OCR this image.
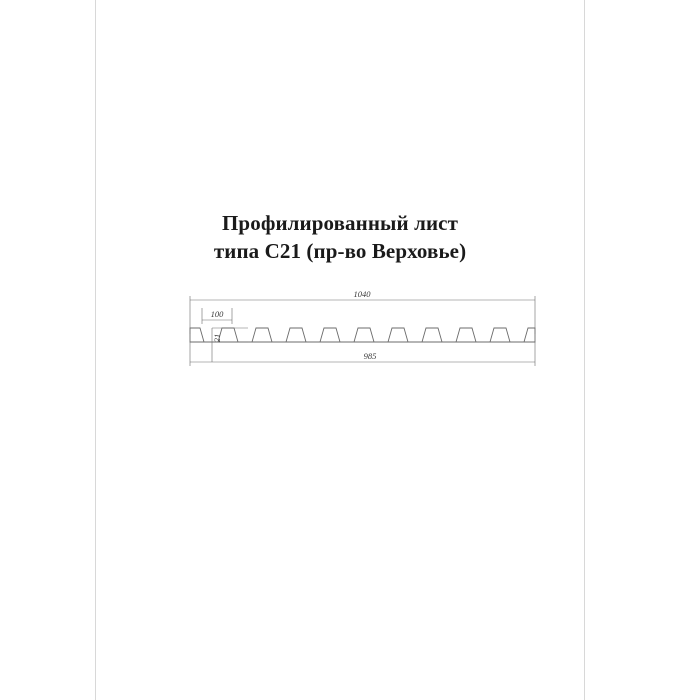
Профилированный лист
типа С21 (пр-во Верховье)
1040
100
21
985
